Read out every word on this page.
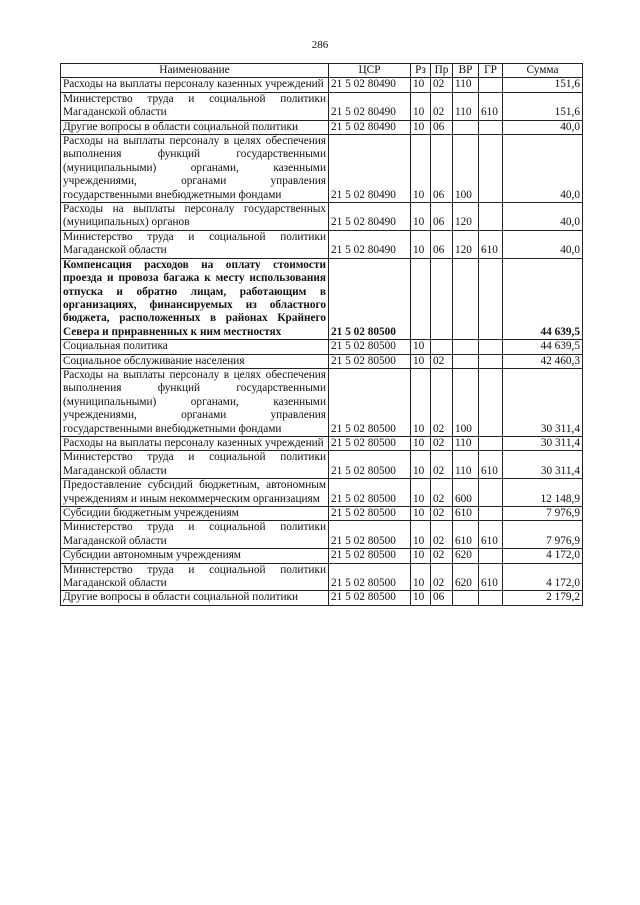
286
Наименование	ЦСР	Рз	Пр	ВР	ГР	Сумма
Расходы на выплаты персоналу казенных учреждений	21 5 02 80490	10	02	110		151,6
Министерство труда и социальной политики Магаданской области	21 5 02 80490	10	02	110	610	151,6
Другие вопросы в области социальной политики	21 5 02 80490	10	06			40,0
Расходы на выплаты персоналу в целях обеспечения выполнения функций государственными (муниципальными) органами, казенными учреждениями, органами управления государственными внебюджетными фондами	21 5 02 80490	10	06	100		40,0
Расходы на выплаты персоналу государственных (муниципальных) органов	21 5 02 80490	10	06	120		40,0
Министерство труда и социальной политики Магаданской области	21 5 02 80490	10	06	120	610	40,0
Компенсация расходов на оплату стоимости проезда и провоза багажа к месту использования отпуска и обратно лицам, работающим в организациях, финансируемых из областного бюджета, расположенных в районах Крайнего Севера и приравненных к ним местностях	21 5 02 80500					44 639,5
Социальная политика	21 5 02 80500	10				44 639,5
Социальное обслуживание населения	21 5 02 80500	10	02			42 460,3
Расходы на выплаты персоналу в целях обеспечения выполнения функций государственными (муниципальными) органами, казенными учреждениями, органами управления государственными внебюджетными фондами	21 5 02 80500	10	02	100		30 311,4
Расходы на выплаты персоналу казенных учреждений	21 5 02 80500	10	02	110		30 311,4
Министерство труда и социальной политики Магаданской области	21 5 02 80500	10	02	110	610	30 311,4
Предоставление субсидий бюджетным, автономным учреждениям и иным некоммерческим организациям	21 5 02 80500	10	02	600		12 148,9
Субсидии бюджетным учреждениям	21 5 02 80500	10	02	610		7 976,9
Министерство труда и социальной политики Магаданской области	21 5 02 80500	10	02	610	610	7 976,9
Субсидии автономным учреждениям	21 5 02 80500	10	02	620		4 172,0
Министерство труда и социальной политики Магаданской области	21 5 02 80500	10	02	620	610	4 172,0
Другие вопросы в области социальной политики	21 5 02 80500	10	06			2 179,2
